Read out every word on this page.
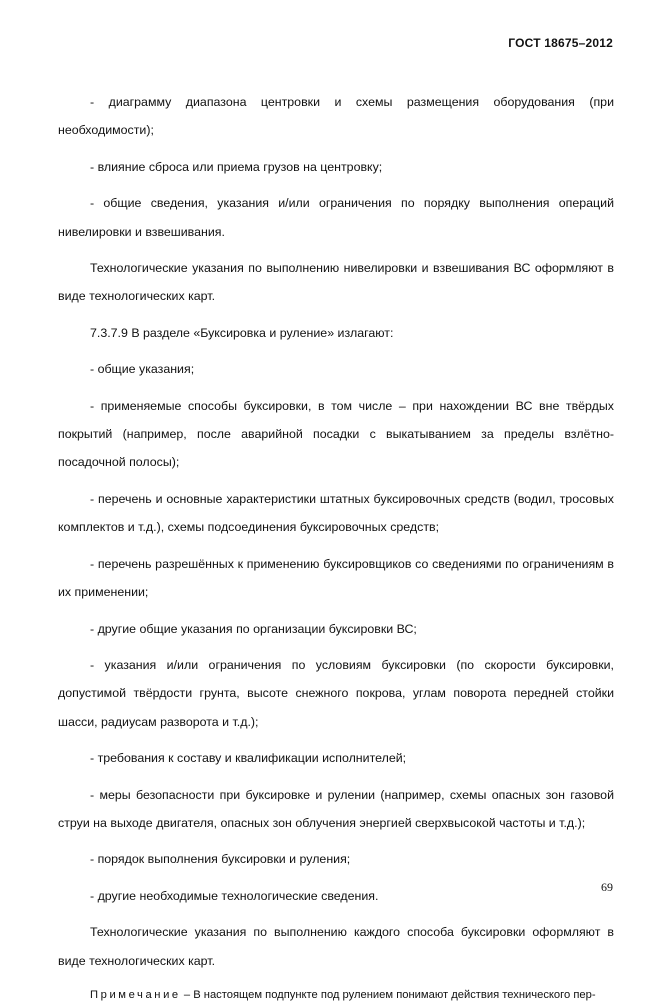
ГОСТ 18675–2012

- диаграмму диапазона центровки и схемы размещения оборудования (при необходимости);

- влияние сброса или приема грузов на центровку;

- общие сведения, указания и/или ограничения по порядку выполнения операций нивелировки и взвешивания.

Технологические указания по выполнению нивелировки и взвешивания ВС оформляют в виде технологических карт.

7.3.7.9 В разделе «Буксировка и руление» излагают:

- общие указания;

- применяемые способы буксировки, в том числе – при нахождении ВС вне твёрдых покрытий (например, после аварийной посадки с выкатыванием за пределы взлётно-посадочной полосы);

- перечень и основные характеристики штатных буксировочных средств (водил, тросовых комплектов и т.д.), схемы подсоединения буксировочных средств;

- перечень разрешённых к применению буксировщиков со сведениями по ограничениям в их применении;

- другие общие указания по организации буксировки ВС;

- указания и/или ограничения по условиям буксировки (по скорости буксировки, допустимой твёрдости грунта, высоте снежного покрова, углам поворота передней стойки шасси, радиусам разворота и т.д.);

- требования к составу и квалификации исполнителей;

- меры безопасности при буксировке и рулении (например, схемы опасных зон газовой струи на выходе двигателя, опасных зон облучения энергией сверхвысокой частоты и т.д.);

- порядок выполнения буксировки и руления;

- другие необходимые технологические сведения.

Технологические указания по выполнению каждого способа буксировки оформляют в виде технологических карт.

Примечание – В настоящем подпункте под рулением понимают действия технического пер-

69
